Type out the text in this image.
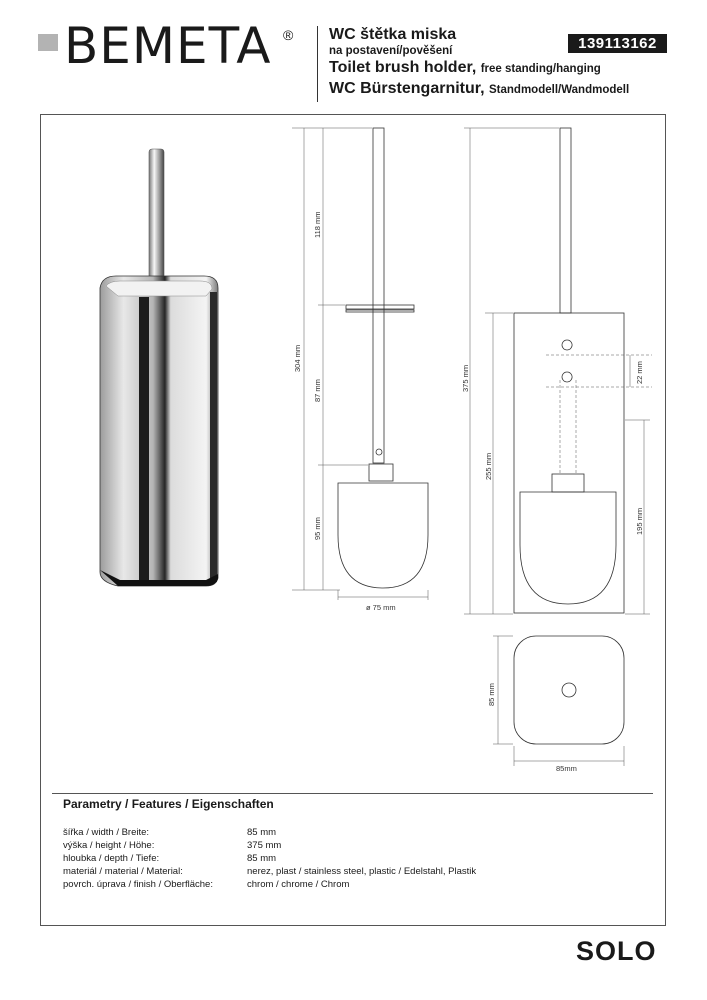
BEMETA ® WC štětka miska
na postavení/pověšení
Toilet brush holder, free standing/hanging
WC Bürstengarnitur, Standmodell/Wandmodell
139113162
118 mm
304 mm
87 mm
95 mm
ø 75 mm
375 mm
255 mm
22 mm
195 mm
85 mm
85mm
Parametry / Features / Eigenschaften
šířka / width / Breite:	85 mm
výška / height / Höhe:	375 mm
hloubka / depth / Tiefe:	85 mm
materiál / material / Material:	nerez, plast / stainless steel, plastic / Edelstahl, Plastik
povrch. úprava / finish / Oberfläche:	chrom / chrome / Chrom
SOLO
